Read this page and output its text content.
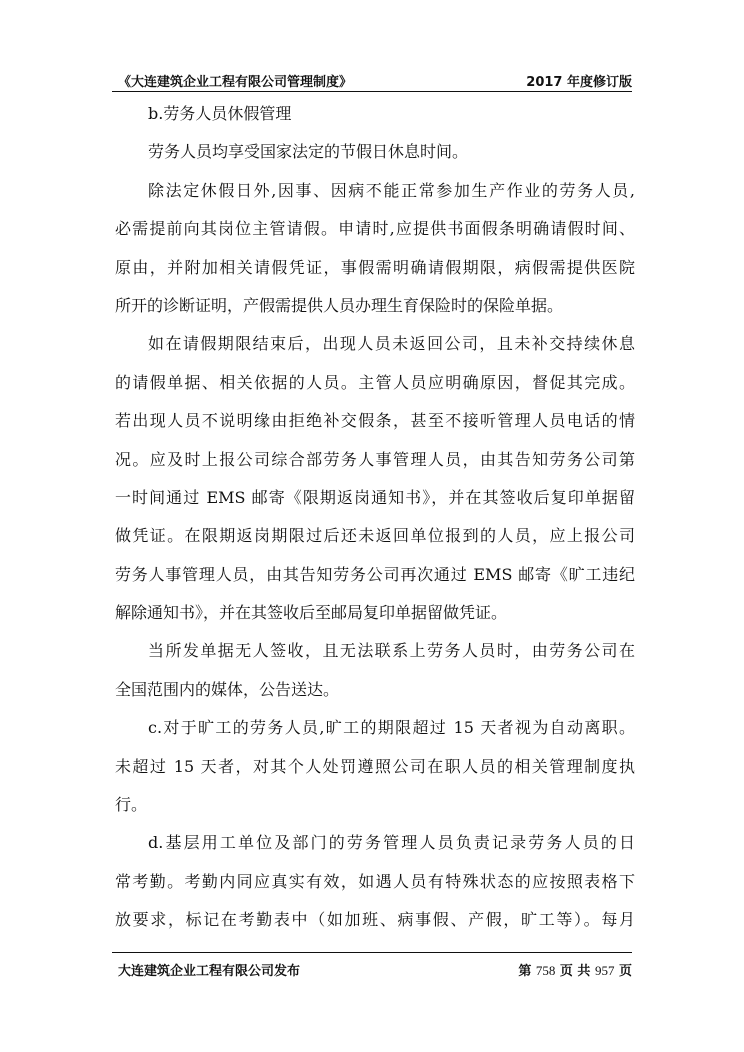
《大连建筑企业工程有限公司管理制度》	2017 年度修订版
b.劳务人员休假管理
劳务人员均享受国家法定的节假日休息时间。
除法定休假日外,因事、因病不能正常参加生产作业的劳务人员,
必需提前向其岗位主管请假。申请时,应提供书面假条明确请假时间、
原由，并附加相关请假凭证，事假需明确请假期限，病假需提供医院
所开的诊断证明，产假需提供人员办理生育保险时的保险单据。
如在请假期限结束后，出现人员未返回公司，且未补交持续休息
的请假单据、相关依据的人员。主管人员应明确原因，督促其完成。
若出现人员不说明缘由拒绝补交假条，甚至不接听管理人员电话的情
况。应及时上报公司综合部劳务人事管理人员，由其告知劳务公司第
一时间通过 EMS 邮寄《限期返岗通知书》，并在其签收后复印单据留
做凭证。在限期返岗期限过后还未返回单位报到的人员，应上报公司
劳务人事管理人员，由其告知劳务公司再次通过 EMS 邮寄《旷工违纪
解除通知书》，并在其签收后至邮局复印单据留做凭证。
当所发单据无人签收，且无法联系上劳务人员时，由劳务公司在
全国范围内的媒体，公告送达。
c.对于旷工的劳务人员,旷工的期限超过 15 天者视为自动离职。
未超过 15 天者，对其个人处罚遵照公司在职人员的相关管理制度执
行。
d.基层用工单位及部门的劳务管理人员负责记录劳务人员的日
常考勤。考勤内同应真实有效，如遇人员有特殊状态的应按照表格下
放要求，标记在考勤表中（如加班、病事假、产假，旷工等）。每月
大连建筑企业工程有限公司发布	第 758 页 共 957 页
